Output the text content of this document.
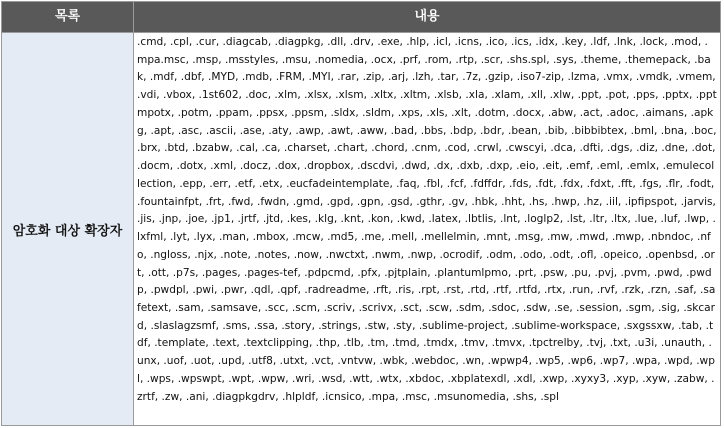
목록	내용
암호화 대상 확장자
.cmd, .cpl, .cur, .diagcab, .diagpkg, .dll, .drv, .exe, .hlp, .icl, .icns, .ico, .ics, .idx, .key, .ldf, .lnk, .lock, .mod, .mpa.msc, .msp, .msstyles, .msu, .nomedia, .ocx, .prf, .rom, .rtp, .scr, .shs.spl, .sys, .theme, .themepack, .bak, .mdf, .dbf, .MYD, .mdb, .FRM, .MYI, .rar, .zip, .arj, .lzh, .tar, .7z, .gzip, .iso7-zip, .lzma, .vmx, .vmdk, .vmem, .vdi, .vbox, .1st602, .doc, .xlm, .xlsx, .xlsm, .xltx, .xltm, .xlsb, .xla, .xlam, .xll, .xlw, .ppt, .pot, .pps, .pptx, .pptmpotx, .potm, .ppam, .ppsx, .ppsm, .sldx, .sldm, .xps, .xls, .xlt, .dotm, .docx, .abw, .act, .adoc, .aimans, .apkg, .apt, .asc, .ascii, .ase, .aty, .awp, .awt, .aww, .bad, .bbs, .bdp, .bdr, .bean, .bib, .bibbibtex, .bml, .bna, .boc, .brx, .btd, .bzabw, .cal, .ca, .charset, .chart, .chord, .cnm, .cod, .crwl, .cwscyi, .dca, .dfti, .dgs, .diz, .dne, .dot, .docm, .dotx, .xml, .docz, .dox, .dropbox, .dscdvi, .dwd, .dx, .dxb, .dxp, .eio, .eit, .emf, .eml, .emlx, .emulecollection, .epp, .err, .etf, .etx, .eucfadeintemplate, .faq, .fbl, .fcf, .fdffdr, .fds, .fdt, .fdx, .fdxt, .fft, .fgs, .flr, .fodt, .fountainfpt, .frt, .fwd, .fwdn, .gmd, .gpd, .gpn, .gsd, .gthr, .gv, .hbk, .hht, .hs, .hwp, .hz, .iil, .ipfipspot, .jarvis, .jis, .jnp, .joe, .jp1, .jrtf, .jtd, .kes, .klg, .knt, .kon, .kwd, .latex, .lbtlis, .lnt, .loglp2, .lst, .ltr, .ltx, .lue, .luf, .lwp, .lxfml, .lyt, .lyx, .man, .mbox, .mcw, .md5, .me, .mell, .mellelmin, .mnt, .msg, .mw, .mwd, .mwp, .nbndoc, .nfo, .ngloss, .njx, .note, .notes, .now, .nwctxt, .nwm, .nwp, .ocrodif, .odm, .odo, .odt, .ofl, .opeico, .openbsd, .ort, .ott, .p7s, .pages, .pages-tef, .pdpcmd, .pfx, .pjtplain, .plantumlpmo, .prt, .psw, .pu, .pvj, .pvm, .pwd, .pwdp, .pwdpl, .pwi, .pwr, .qdl, .qpf, .radreadme, .rft, .ris, .rpt, .rst, .rtd, .rtf, .rtfd, .rtx, .run, .rvf, .rzk, .rzn, .saf, .safetext, .sam, .samsave, .scc, .scm, .scriv, .scrivx, .sct, .scw, .sdm, .sdoc, .sdw, .se, .session, .sgm, .sig, .skcard, .slaslagzsmf, .sms, .ssa, .story, .strings, .stw, .sty, .sublime-project, .sublime-workspace, .sxgssxw, .tab, .tdf, .template, .text, .textclipping, .thp, .tlb, .tm, .tmd, .tmdx, .tmv, .tmvx, .tpctrelby, .tvj, .txt, .u3i, .unauth, .unx, .uof, .uot, .upd, .utf8, .utxt, .vct, .vntvw, .wbk, .webdoc, .wn, .wpwp4, .wp5, .wp6, .wp7, .wpa, .wpd, .wpl, .wps, .wpswpt, .wpt, .wpw, .wri, .wsd, .wtt, .wtx, .xbdoc, .xbplatexdl, .xdl, .xwp, .xyxy3, .xyp, .xyw, .zabw, .zrtf, .zw, .ani, .diagpkgdrv, .hlpldf, .icnsico, .mpa, .msc, .msunomedia, .shs, .spl
